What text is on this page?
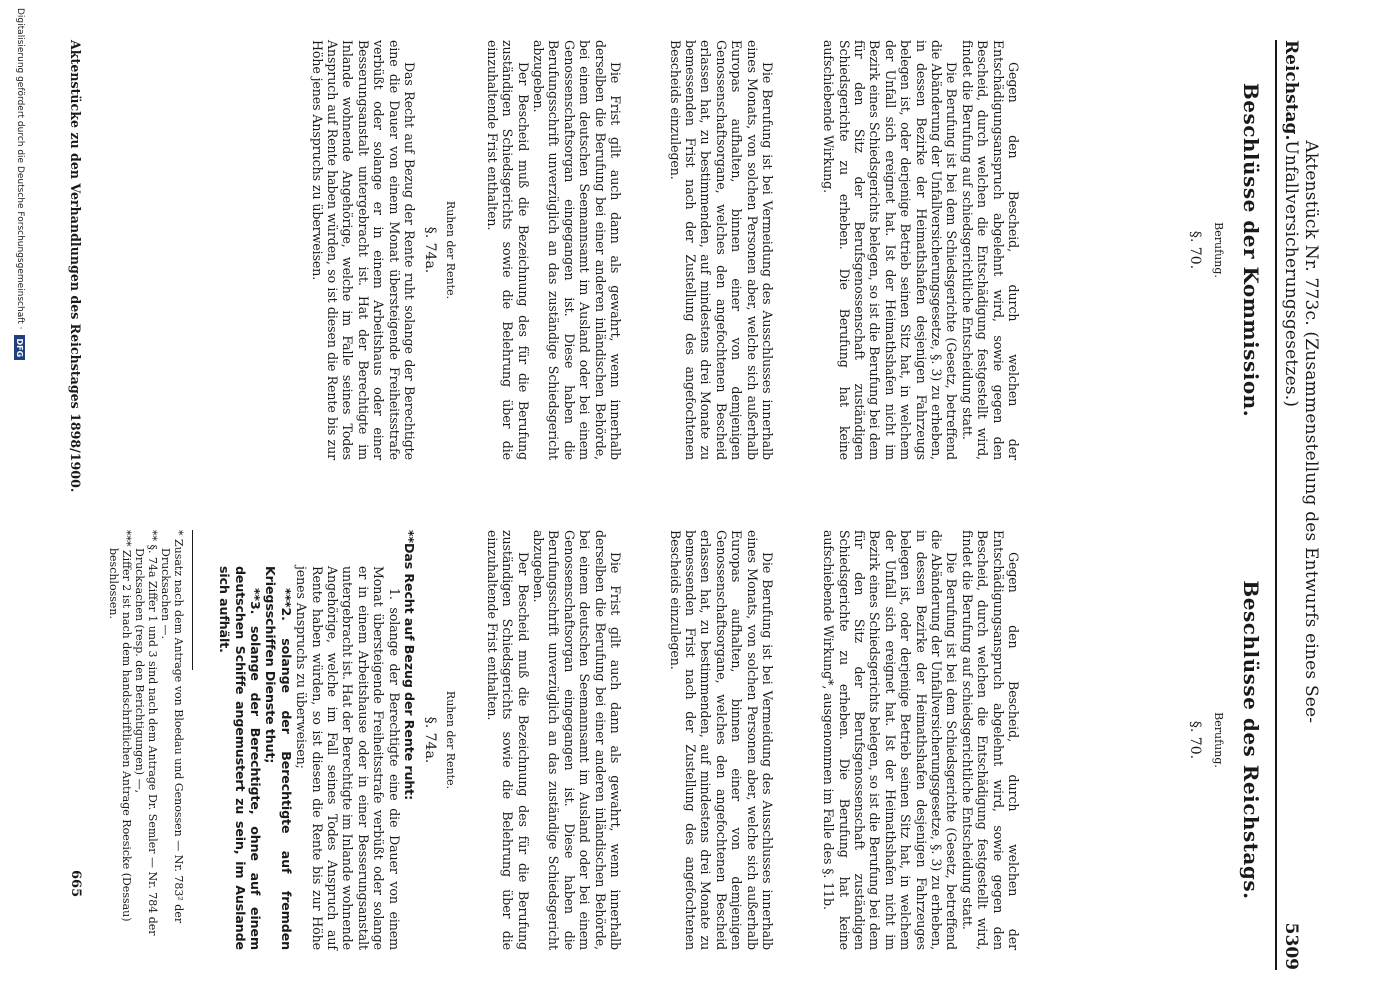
Reichstag.
Aktenstück Nr. 773c. (Zusammenstellung des Entwurfs eines See-Unfallversicherungsgesetzes.)
5309
Beschlüsse der Kommission.
Berufung.
§. 70.

Gegen den Bescheid, durch welchen der Entschädigungsanspruch abgelehnt wird, sowie gegen den Bescheid, durch welchen die Entschädigung festgestellt wird, findet die Berufung auf schiedsgerichtliche Entscheidung statt.

Die Berufung ist bei dem Schiedsgerichte (Gesetz, betreffend die Abänderung der Unfallversicherungsgesetze, §. 3) zu erheben, in dessen Bezirke der Heimathshafen desjenigen Fahrzeugs belegen ist, oder derjenige Betrieb seinen Sitz hat, in welchem der Unfall sich ereignet hat. Ist der Heimathshafen nicht im Bezirk eines Schiedsgerichts belegen, so ist die Berufung bei dem für den Sitz der Berufsgenossenschaft zuständigen Schiedsgerichte zu erheben. Die Berufung hat keine aufschiebende Wirkung.

Die Berufung ist bei Vermeidung des Ausschlusses innerhalb eines Monats, von solchen Personen aber, welche sich außerhalb Europas aufhalten, binnen einer von demjenigen Genossenschaftsorgane, welches den angefochtenen Bescheid erlassen hat, zu bestimmenden, auf mindestens drei Monate zu bemessenden Frist nach der Zustellung des angefochtenen Bescheids einzulegen.

Die Frist gilt auch dann als gewahrt, wenn innerhalb derselben die Berufung bei einer anderen inländischen Behörde, bei einem deutschen Seemannsamt im Ausland oder bei einem Genossenschaftsorgan eingegangen ist. Diese haben die Berufungsschrift unverzüglich an das zuständige Schiedsgericht abzugeben.

Der Bescheid muß die Bezeichnung des für die Berufung zuständigen Schiedsgerichts sowie die Belehrung über die einzuhaltende Frist enthalten.

Ruhen der Rente.
§. 74a.

Das Recht auf Bezug der Rente ruht solange der Berechtigte eine die Dauer von einem Monat übersteigende Freiheitsstrafe verbüßt oder solange er in einem Arbeitshaus oder einer Besserungsanstalt untergebracht ist. Hat der Berechtigte im Inlande wohnende Angehörige, welche im Falle seines Todes Anspruch auf Rente haben würden, so ist diesen die Rente bis zur Höhe jenes Anspruchs zu überweisen.

Aktenstücke zu den Verhandlungen des Reichstages 1898/1900.
Beschlüsse des Reichstags.
Berufung.
§. 70.

Gegen den Bescheid, durch welchen der Entschädigungsanspruch abgelehnt wird, sowie gegen den Bescheid, durch welchen die Entschädigung festgestellt wird, findet die Berufung auf schiedsgerichtliche Entscheidung statt.

Die Berufung ist bei dem Schiedsgerichte (Gesetz, betreffend die Abänderung der Unfallversicherungsgesetze, §. 3) zu erheben, in dessen Bezirke der Heimathshafen desjenigen Fahrzeuges belegen ist, oder derjenige Betrieb seinen Sitz hat, in welchem der Unfall sich ereignet hat. Ist der Heimathshafen nicht im Bezirk eines Schiedsgerichts belegen, so ist die Berufung bei dem für den Sitz der Berufsgenossenschaft zuständigen Schiedsgerichte zu erheben. Die Berufung hat keine aufschiebende Wirkung*, ausgenommen im Falle des §. 11b.

Die Berufung ist bei Vermeidung des Ausschlusses innerhalb eines Monats, von solchen Personen aber, welche sich außerhalb Europas aufhalten, binnen einer von demjenigen Genossenschaftsorgane, welches den angefochtenen Bescheid erlassen hat, zu bestimmenden, auf mindestens drei Monate zu bemessenden Frist nach der Zustellung des angefochtenen Bescheids einzulegen.

Die Frist gilt auch dann als gewahrt, wenn innerhalb derselben die Berufung bei einer anderen inländischen Behörde, bei einem deutschen Seemannsamt im Ausland oder bei einem Genossenschaftsorgan eingegangen ist. Diese haben die Berufungsschrift unverzüglich an das zuständige Schiedsgericht abzugeben.

Der Bescheid muß die Bezeichnung des für die Berufung zuständigen Schiedsgerichts sowie die Belehrung über die einzuhaltende Frist enthalten.

Ruhen der Rente.
§. 74a.

**Das Recht auf Bezug der Rente ruht:

1. solange der Berechtigte eine die Dauer von einem Monat übersteigende Freiheitsstrafe verbüßt oder solange er in einem Arbeitshause oder in einer Besserungsanstalt untergebracht ist. Hat der Berechtigte im Inlande wohnende Angehörige, welche im Fall seines Todes Anspruch auf Rente haben würden, so ist diesen die Rente bis zur Höhe jenes Anspruchs zu überweisen;

***2. solange der Berechtigte auf fremden Kriegsschiffen Dienste thut;

**3. solange der Berechtigte, ohne auf einem deutschen Schiffe angemustert zu sein, im Auslande sich aufhält.

* Zusatz nach dem Antrage von Bloedau und Genossen — Nr. 783² der Drucksachen —.

** §. 74a Ziffer 1 und 3 sind nach dem Antrage Dr. Semler — Nr. 784 der Drucksachen (resp. den Berichtigungen) —,

*** Ziffer 2 ist nach dem handschriftlichen Antrage Roesicke (Dessau) beschlossen.

665
Digitalisierung gefördert durch die Deutsche Forschungsgemeinschaft ·
DFG
